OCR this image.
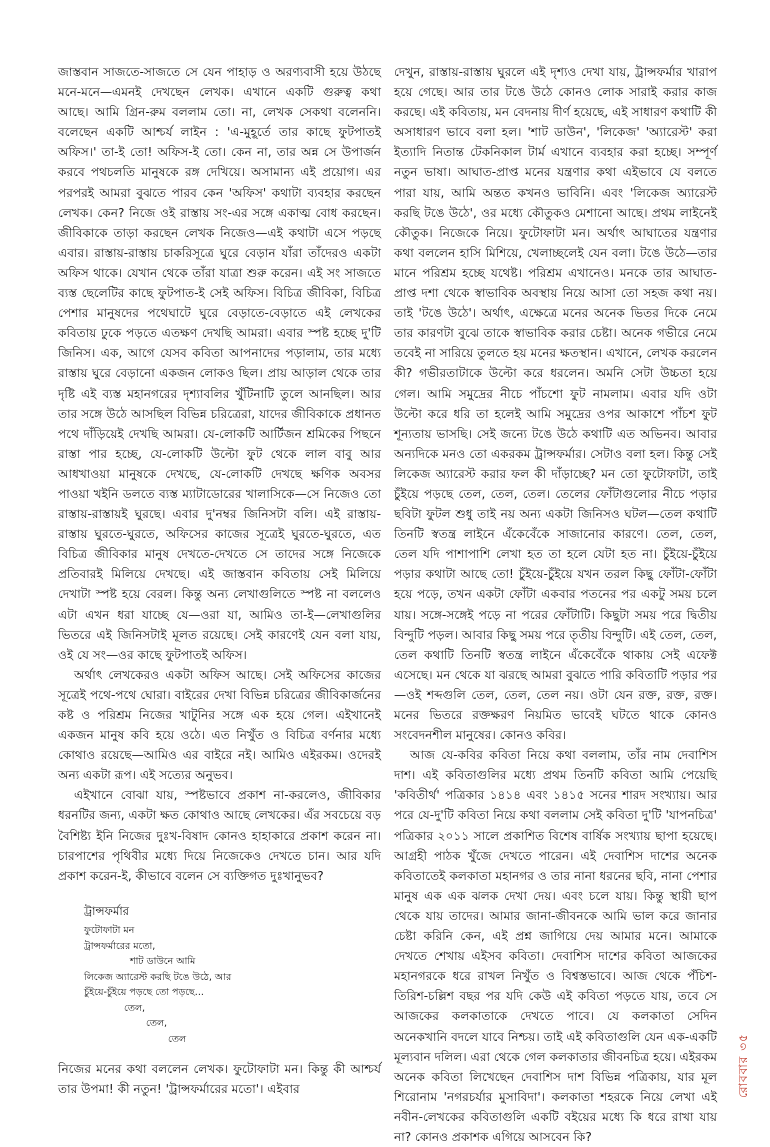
জাস্তবান সাজতে-সাজতে সে যেন পাহাড় ও অরণ্যবাসী হয়ে উঠছে মনে-মনে—এমনই দেখছেন লেখক। এখানে একটি গুরুত্ব কথা আছে। আমি গ্রিন-রুম বললাম তো। না, লেখক সেকথা বলেননি। বলেছেন একটি আশ্চর্য লাইন : 'এ-মুহূর্তে তার কাছে ফুটপাতই অফিস।' তা-ই তো! অফিস-ই তো। কেন না, তার অন্ন সে উপার্জন করবে পথচলতি মানুষকে রঙ্গ দেখিয়ে। অসামান্য এই প্রয়োগ। এর পরপরই আমরা বুঝতে পারব কেন 'অফিস' কথাটা ব্যবহার করছেন লেখক। কেন? নিজে ওই রাস্তায় সং-এর সঙ্গে একাত্ম বোধ করছেন। জীবিকাকে তাড়া করছেন লেখক নিজেও—এই কথাটা এসে পড়ছে এবার। রাস্তায়-রাস্তায় চাকরিসূত্রে ঘুরে বেড়ান যাঁরা তাঁদেরও একটা অফিস থাকে। যেখান থেকে তাঁরা যাত্রা শুরু করেন। এই সং সাজতে ব্যস্ত ছেলেটির কাছে ফুটপাত-ই সেই অফিস। বিচিত্র জীবিকা, বিচিত্র পেশার মানুষদের পথেঘাটে ঘুরে বেড়াতে-বেড়াতে এই লেখকের কবিতায় ঢুকে পড়তে এতক্ষণ দেখছি আমরা। এবার স্পষ্ট হচ্ছে দু'টি জিনিস। এক, আগে যেসব কবিতা আপনাদের পড়ালাম, তার মধ্যে রাস্তায় ঘুরে বেড়ানো একজন লোকও ছিল। প্রায় আড়াল থেকে তার দৃষ্টি এই ব্যস্ত মহানগরের দৃশ্যাবলির খুঁটিনাটি তুলে আনছিল। আর তার সঙ্গে উঠে আসছিল বিভিন্ন চরিত্রেরা, যাদের জীবিকাকে প্রধানত পথে দাঁড়িয়েই দেখছি আমরা। যে-লোকটি আর্টিজন শ্রমিকের পিছনে রাস্তা পার হচ্ছে, যে-লোকটি উল্টো ফুট থেকে লাল বাবু আর আধখাওয়া মানুষকে দেখছে, যে-লোকটি দেখছে ক্ষণিক অবসর পাওয়া খইনি ডলতে ব্যস্ত ম্যাটাডোরের খালাসিকে—সে নিজেও তো রাস্তায়-রাস্তায়ই ঘুরছে। এবার দু'নম্বর জিনিসটা বলি। এই রাস্তায়-রাস্তায় ঘুরতে-ঘুরতে, অফিসের কাজের সূত্রেই ঘুরতে-ঘুরতে, এত বিচিত্র জীবিকার মানুষ দেখতে-দেখতে সে তাদের সঙ্গে নিজেকে প্রতিবারই মিলিয়ে দেখছে। এই জাস্তবান কবিতায় সেই মিলিয়ে দেখাটা স্পষ্ট হয়ে বেরল। কিন্তু অন্য লেখাগুলিতে স্পষ্ট না বললেও এটা এখন ধরা যাচ্ছে যে—ওরা যা, আমিও তা-ই—লেখাগুলির ভিতরে এই জিনিসটাই মূলত রয়েছে। সেই কারণেই যেন বলা যায়, ওই যে সং—ওর কাছে ফুটপাতই অফিস।

অর্থাৎ লেখকেরও একটা অফিস আছে। সেই অফিসের কাজের সূত্রেই পথে-পথে ঘোরা। বাইরের দেখা বিভিন্ন চরিত্রের জীবিকার্জনের কষ্ট ও পরিশ্রম নিজের খাটুনির সঙ্গে এক হয়ে গেল। এইখানেই একজন মানুষ কবি হয়ে ওঠে। এত নিখুঁত ও বিচিত্র বর্ণনার মধ্যে কোথাও রয়েছে—আমিও এর বাইরে নই। আমিও এইরকম। ওদেরই অন্য একটা রূপ। এই সত্যের অনুভব।

এইখানে বোঝা যায়, স্পষ্টভাবে প্রকাশ না-করলেও, জীবিকার ধরনটির জন্য, একটা ক্ষত কোথাও আছে লেখকের। এঁর সবচেয়ে বড় বৈশিষ্ট্য ইনি নিজের দুঃখ-বিষাদ কোনও হাহাকারে প্রকাশ করেন না। চারপাশের পৃথিবীর মধ্যে দিয়ে নিজেকেও দেখতে চান। আর যদি প্রকাশ করেন-ই, কীভাবে বলেন সে ব্যক্তিগত দুঃখানুভব?

ট্রান্সফর্মার
ফুটোফাটা মন
ট্রান্সফর্মারের মতো,
শাট ডাউনে আমি
লিকেজ অ্যারেস্ট করছি টঙে উঠে, আর
চুঁইয়ে-চুঁইয়ে পড়ছে তো পড়ছে...
তেল,
তেল,
তেল

নিজের মনের কথা বললেন লেখক। ফুটোফাটা মন। কিন্তু কী আশ্চর্য তার উপমা! কী নতুন! 'ট্রান্সফর্মারের মতো'। এইবার

দেখুন, রাস্তায়-রাস্তায় ঘুরলে এই দৃশ্যও দেখা যায়, ট্রান্সফর্মার খারাপ হয়ে গেছে। আর তার টঙে উঠে কোনও লোক সারাই করার কাজ করছে। এই কবিতায়, মন বেদনায় দীর্ণ হয়েছে, এই সাধারণ কথাটি কী অসাধারণ ভাবে বলা হল। 'শাট ডাউন', 'লিকেজ' 'অ্যারেস্ট' করা ইত্যাদি নিতান্ত টেকনিকাল টার্ম এখানে ব্যবহার করা হচ্ছে। সম্পূর্ণ নতুন ভাষা। আঘাত-প্রাপ্ত মনের যন্ত্রণার কথা এইভাবে যে বলতে পারা যায়, আমি অন্তত কখনও ভাবিনি। এবং 'লিকেজ অ্যারেস্ট করছি টঙে উঠে', ওর মধ্যে কৌতুকও মেশানো আছে। প্রথম লাইনেই কৌতুক। নিজেকে নিয়ে। ফুটোফাটা মন। অর্থাৎ আঘাতের যন্ত্রণার কথা বললেন হাসি মিশিয়ে, খেলাচ্ছলেই যেন বলা। টঙে উঠে—তার মানে পরিশ্রম হচ্ছে যথেষ্ট। পরিশ্রম এখানেও। মনকে তার আঘাত-প্রাপ্ত দশা থেকে স্বাভাবিক অবস্থায় নিয়ে আসা তো সহজ কথা নয়। তাই 'টঙে উঠে'। অর্থাৎ, এক্ষেত্রে মনের অনেক ভিতর দিকে নেমে তার কারণটা বুঝে তাকে স্বাভাবিক করার চেষ্টা। অনেক গভীরে নেমে তবেই না সারিয়ে তুলতে হয় মনের ক্ষতস্থান। এখানে, লেখক করলেন কী? গভীরতাটাকে উল্টো করে ধরলেন। অমনি সেটা উচ্চতা হয়ে গেল। আমি সমুদ্রের নীচে পাঁচশো ফুট নামলাম। এবার যদি ওটা উল্টো করে ধরি তা হলেই আমি সমুদ্রের ওপর আকাশে পাঁচশ ফুট শূন্যতায় ভাসছি। সেই জন্যে টঙে উঠে কথাটি এত অভিনব। আবার অন্যদিকে মনও তো একরকম ট্রান্সফর্মার। সেটাও বলা হল। কিন্তু সেই লিকেজ অ্যারেস্ট করার ফল কী দাঁড়াচ্ছে? মন তো ফুটোফাটা, তাই চুঁইয়ে পড়ছে তেল, তেল, তেল। তেলের ফোঁটাগুলোর নীচে পড়ার ছবিটা ফুটল শুধু তাই নয় অন্য একটা জিনিসও ঘটল—তেল কথাটি তিনটি স্বতন্ত্র লাইনে এঁকেবেঁকে সাজানোর কারণে। তেল, তেল, তেল যদি পাশাপাশি লেখা হত তা হলে যেটা হত না। চুঁইয়ে-চুঁইয়ে পড়ার কথাটা আছে তো! চুঁইয়ে-চুঁইয়ে যখন তরল কিছু ফোঁটা-ফোঁটা হয়ে পড়ে, তখন একটা ফোঁটা একবার পতনের পর একটু সময় চলে যায়। সঙ্গে-সঙ্গেই পড়ে না পরের ফোঁটাটি। কিছুটা সময় পরে দ্বিতীয় বিন্দুটি পড়ল। আবার কিছু সময় পরে তৃতীয় বিন্দুটি। এই তেল, তেল, তেল কথাটি তিনটি স্বতন্ত্র লাইনে এঁকেবেঁকে থাকায় সেই এফেক্ট এসেছে। মন থেকে যা ঝরছে আমরা বুঝতে পারি কবিতাটি পড়ার পর—ওই শব্দগুলি তেল, তেল, তেল নয়। ওটা যেন রক্ত, রক্ত, রক্ত। মনের ভিতরে রক্তক্ষরণ নিয়মিত ভাবেই ঘটতে থাকে কোনও সংবেদনশীল মানুষের। কোনও কবির।

আজ যে-কবির কবিতা নিয়ে কথা বললাম, তাঁর নাম দেবাশিস দাশ। এই কবিতাগুলির মধ্যে প্রথম তিনটি কবিতা আমি পেয়েছি 'কবিতীর্থ' পত্রিকার ১৪১৪ এবং ১৪১৫ সনের শারদ সংখ্যায়। আর পরে যে-দু'টি কবিতা নিয়ে কথা বললাম সেই কবিতা দু'টি 'যাপনচিত্র' পত্রিকার ২০১১ সালে প্রকাশিত বিশেষ বার্ষিক সংখ্যায় ছাপা হয়েছে। আগ্রহী পাঠক খুঁজে দেখতে পারেন। এই দেবাশিস দাশের অনেক কবিতাতেই কলকাতা মহানগর ও তার নানা ধরনের ছবি, নানা পেশার মানুষ এক এক ঝলক দেখা দেয়। এবং চলে যায়। কিন্তু স্থায়ী ছাপ থেকে যায় তাদের। আমার জানা-জীবনকে আমি ভাল করে জানার চেষ্টা করিনি কেন, এই প্রশ্ন জাগিয়ে দেয় আমার মনে। আমাকে দেখতে শেখায় এইসব কবিতা। দেবাশিস দাশের কবিতা আজকের মহানগরকে ধরে রাখল নিখুঁত ও বিশ্বস্তভাবে। আজ থেকে পঁচিশ-তিরিশ-চল্লিশ বছর পর যদি কেউ এই কবিতা পড়তে যায়, তবে সে আজকের কলকাতাকে দেখতে পাবে। যে কলকাতা সেদিন অনেকখানি বদলে যাবে নিশ্চয়। তাই এই কবিতাগুলি যেন এক-একটি মূল্যবান দলিল। এরা থেকে গেল কলকাতার জীবনচিত্র হয়ে। এইরকম অনেক কবিতা লিখেছেন দেবাশিস দাশ বিভিন্ন পত্রিকায়, যার মূল শিরোনাম 'নগরচর্যার মুসাবিদা'। কলকাতা শহরকে নিয়ে লেখা এই নবীন-লেখকের কবিতাগুলি একটি বইয়ের মধ্যে কি ধরে রাখা যায় না? কোনও প্রকাশক এগিয়ে আসবেন কি?

রোববার ৩৫
